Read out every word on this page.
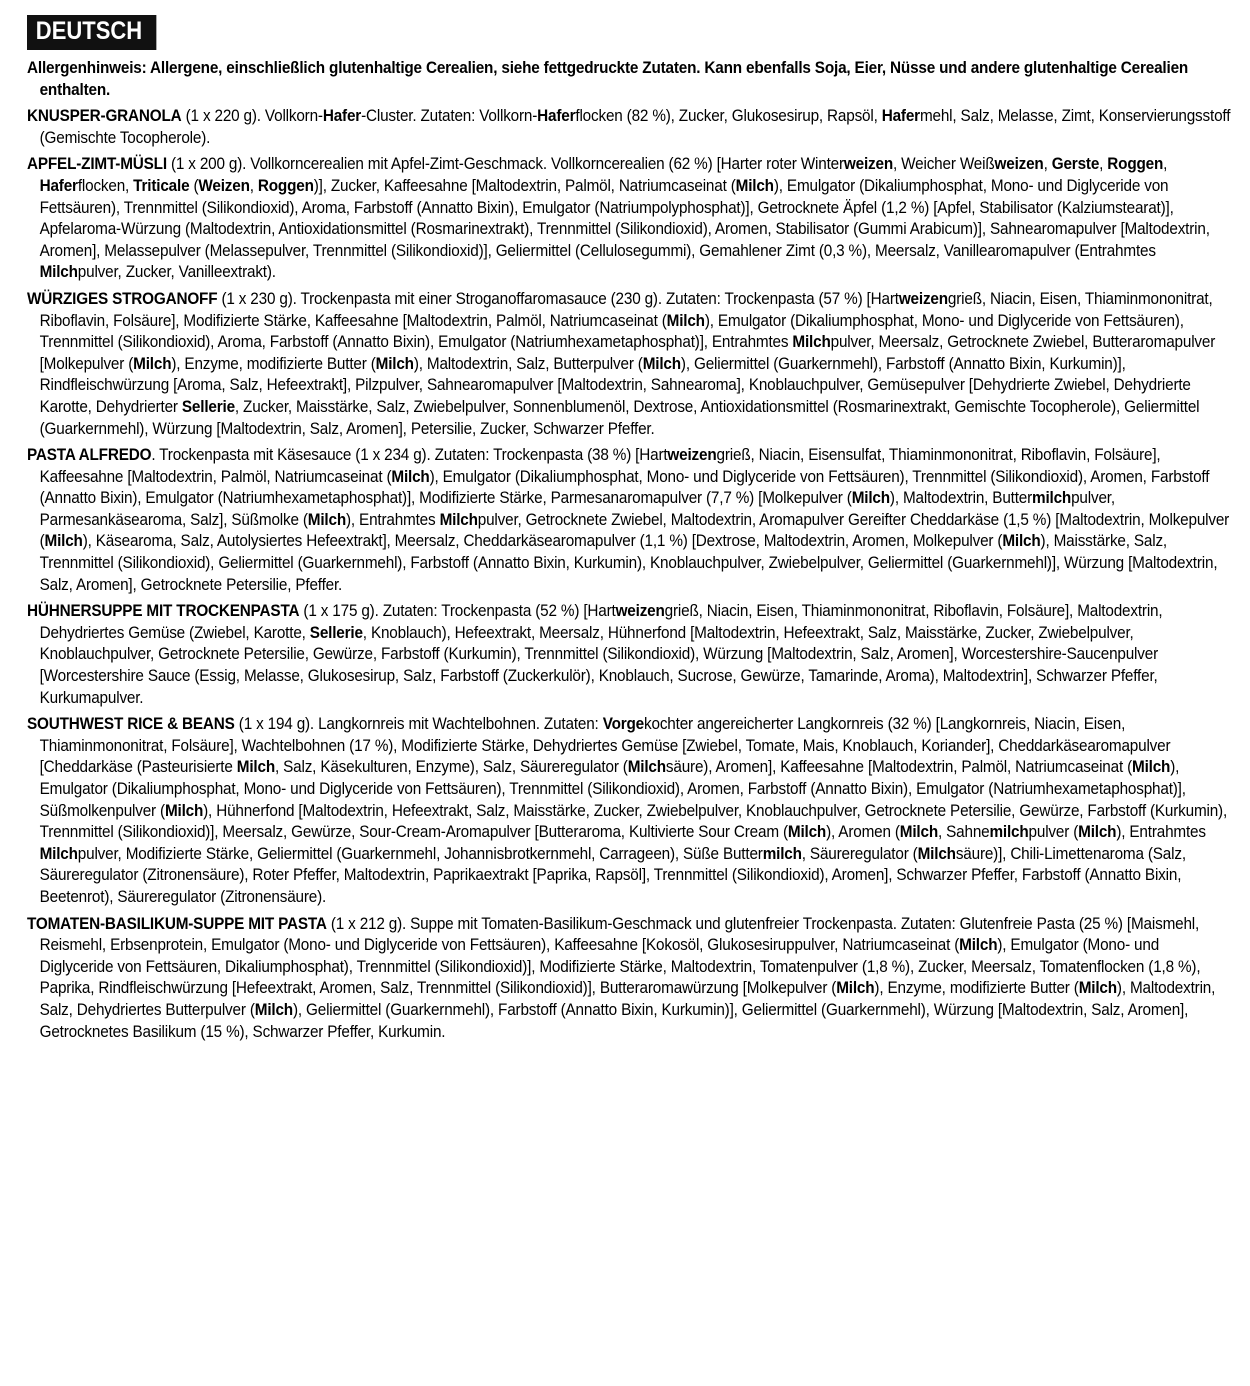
DEUTSCH

Allergenhinweis: Allergene, einschließlich glutenhaltige Cerealien, siehe fettgedruckte Zutaten. Kann ebenfalls Soja, Eier, Nüsse und andere glutenhaltige Cerealien enthalten.

KNUSPER-GRANOLA (1 x 220 g). Vollkorn-Hafer-Cluster. Zutaten: Vollkorn-Haferflocken (82 %), Zucker, Glukosesirup, Rapsöl, Hafermehl, Salz, Melasse, Zimt, Konservierungsstoff (Gemischte Tocopherole).

APFEL-ZIMT-MÜSLI (1 x 200 g). Vollkorncerealien mit Apfel-Zimt-Geschmack. Vollkorncerealien (62 %) [Harter roter Winterweizen, Weicher Weißweizen, Gerste, Roggen, Haferflocken, Triticale (Weizen, Roggen)], Zucker, Kaffeesahne [Maltodextrin, Palmöl, Natriumcaseinat (Milch), Emulgator (Dikaliumphosphat, Mono- und Diglyceride von Fettsäuren), Trennmittel (Silikondioxid), Aroma, Farbstoff (Annatto Bixin), Emulgator (Natriumpolyphosphat)], Getrocknete Äpfel (1,2 %) [Apfel, Stabilisator (Kalziumstearat)], Apfelaroma-Würzung (Maltodextrin, Antioxidationsmittel (Rosmarinextrakt), Trennmittel (Silikondioxid), Aromen, Stabilisator (Gummi Arabicum)], Sahnearomapulver [Maltodextrin, Aromen], Melassepulver (Melassepulver, Trennmittel (Silikondioxid)], Geliermittel (Cellulosegummi), Gemahlener Zimt (0,3 %), Meersalz, Vanillearomapulver (Entrahmtes Milchpulver, Zucker, Vanilleextrakt).

WÜRZIGES STROGANOFF (1 x 230 g). Trockenpasta mit einer Stroganoffaromasauce (230 g). Zutaten: Trockenpasta (57 %) [Hartweizengrieß, Niacin, Eisen, Thiaminmononitrat, Riboflavin, Folsäure], Modifizierte Stärke, Kaffeesahne [Maltodextrin, Palmöl, Natriumcaseinat (Milch), Emulgator (Dikaliumphosphat, Mono- und Diglyceride von Fettsäuren), Trennmittel (Silikondioxid), Aroma, Farbstoff (Annatto Bixin), Emulgator (Natriumhexametaphosphat)], Entrahmtes Milchpulver, Meersalz, Getrocknete Zwiebel, Butteraromapulver [Molkepulver (Milch), Enzyme, modifizierte Butter (Milch), Maltodextrin, Salz, Butterpulver (Milch), Geliermittel (Guarkernmehl), Farbstoff (Annatto Bixin, Kurkumin)], Rindfleischwürzung [Aroma, Salz, Hefeextrakt], Pilzpulver, Sahnearomapulver [Maltodextrin, Sahnearoma], Knoblauchpulver, Gemüsepulver [Dehydrierte Zwiebel, Dehydrierte Karotte, Dehydrierter Sellerie, Zucker, Maisstärke, Salz, Zwiebelpulver, Sonnenblumenöl, Dextrose, Antioxidationsmittel (Rosmarinextrakt, Gemischte Tocopherole), Geliermittel (Guarkernmehl), Würzung [Maltodextrin, Salz, Aromen], Petersilie, Zucker, Schwarzer Pfeffer.

PASTA ALFREDO. Trockenpasta mit Käsesauce (1 x 234 g). Zutaten: Trockenpasta (38 %) [Hartweizengrieß, Niacin, Eisensulfat, Thiaminmononitrat, Riboflavin, Folsäure], Kaffeesahne [Maltodextrin, Palmöl, Natriumcaseinat (Milch), Emulgator (Dikaliumphosphat, Mono- und Diglyceride von Fettsäuren), Trennmittel (Silikondioxid), Aromen, Farbstoff (Annatto Bixin), Emulgator (Natriumhexametaphosphat)], Modifizierte Stärke, Parmesanaromapulver (7,7 %) [Molkepulver (Milch), Maltodextrin, Buttermilchpulver, Parmesankäsearoma, Salz], Süßmolke (Milch), Entrahmtes Milchpulver, Getrocknete Zwiebel, Maltodextrin, Aromapulver Gereifter Cheddarkäse (1,5 %) [Maltodextrin, Molkepulver (Milch), Käsearoma, Salz, Autolysiertes Hefeextrakt], Meersalz, Cheddarkäsearomapulver (1,1 %) [Dextrose, Maltodextrin, Aromen, Molkepulver (Milch), Maisstärke, Salz, Trennmittel (Silikondioxid), Geliermittel (Guarkernmehl), Farbstoff (Annatto Bixin, Kurkumin), Knoblauchpulver, Zwiebelpulver, Geliermittel (Guarkernmehl)], Würzung [Maltodextrin, Salz, Aromen], Getrocknete Petersilie, Pfeffer.

HÜHNERSUPPE MIT TROCKENPASTA (1 x 175 g). Zutaten: Trockenpasta (52 %) [Hartweizengrieß, Niacin, Eisen, Thiaminmononitrat, Riboflavin, Folsäure], Maltodextrin, Dehydriertes Gemüse (Zwiebel, Karotte, Sellerie, Knoblauch), Hefeextrakt, Meersalz, Hühnerfond [Maltodextrin, Hefeextrakt, Salz, Maisstärke, Zucker, Zwiebelpulver, Knoblauchpulver, Getrocknete Petersilie, Gewürze, Farbstoff (Kurkumin), Trennmittel (Silikondioxid), Würzung [Maltodextrin, Salz, Aromen], Worcestershire-Saucenpulver [Worcestershire Sauce (Essig, Melasse, Glukosesirup, Salz, Farbstoff (Zuckerkulör), Knoblauch, Sucrose, Gewürze, Tamarinde, Aroma), Maltodextrin], Schwarzer Pfeffer, Kurkumapulver.

SOUTHWEST RICE & BEANS (1 x 194 g). Langkornreis mit Wachtelbohnen. Zutaten: Vorgekochter angereicherter Langkornreis (32 %) [Langkornreis, Niacin, Eisen, Thiaminmononitrat, Folsäure], Wachtelbohnen (17 %), Modifizierte Stärke, Dehydriertes Gemüse [Zwiebel, Tomate, Mais, Knoblauch, Koriander], Cheddarkäsearomapulver [Cheddarkäse (Pasteurisierte Milch, Salz, Käsekulturen, Enzyme), Salz, Säureregulator (Milchsäure), Aromen], Kaffeesahne [Maltodextrin, Palmöl, Natriumcaseinat (Milch), Emulgator (Dikaliumphosphat, Mono- und Diglyceride von Fettsäuren), Trennmittel (Silikondioxid), Aromen, Farbstoff (Annatto Bixin), Emulgator (Natriumhexametaphosphat)], Süßmolkenpulver (Milch), Hühnerfond [Maltodextrin, Hefeextrakt, Salz, Maisstärke, Zucker, Zwiebelpulver, Knoblauchpulver, Getrocknete Petersilie, Gewürze, Farbstoff (Kurkumin), Trennmittel (Silikondioxid)], Meersalz, Gewürze, Sour-Cream-Aromapulver [Butteraroma, Kultivierte Sour Cream (Milch), Aromen (Milch, Sahnemilchpulver (Milch), Entrahmtes Milchpulver, Modifizierte Stärke, Geliermittel (Guarkernmehl, Johannisbrotkernmehl, Carrageen), Süße Buttermilch, Säureregulator (Milchsäure)], Chili-Limettenaroma (Salz, Säureregulator (Zitronensäure), Roter Pfeffer, Maltodextrin, Paprikaextrakt [Paprika, Rapsöl], Trennmittel (Silikondioxid), Aromen], Schwarzer Pfeffer, Farbstoff (Annatto Bixin, Beetenrot), Säureregulator (Zitronensäure).

TOMATEN-BASILIKUM-SUPPE MIT PASTA (1 x 212 g). Suppe mit Tomaten-Basilikum-Geschmack und glutenfreier Trockenpasta. Zutaten: Glutenfreie Pasta (25 %) [Maismehl, Reismehl, Erbsenprotein, Emulgator (Mono- und Diglyceride von Fettsäuren), Kaffeesahne [Kokosöl, Glukosesiruppulver, Natriumcaseinat (Milch), Emulgator (Mono- und Diglyceride von Fettsäuren, Dikaliumphosphat), Trennmittel (Silikondioxid)], Modifizierte Stärke, Maltodextrin, Tomatenpulver (1,8 %), Zucker, Meersalz, Tomatenflocken (1,8 %), Paprika, Rindfleischwürzung [Hefeextrakt, Aromen, Salz, Trennmittel (Silikondioxid)], Butteraromawürzung [Molkepulver (Milch), Enzyme, modifizierte Butter (Milch), Maltodextrin, Salz, Dehydriertes Butterpulver (Milch), Geliermittel (Guarkernmehl), Farbstoff (Annatto Bixin, Kurkumin)], Geliermittel (Guarkernmehl), Würzung [Maltodextrin, Salz, Aromen], Getrocknetes Basilikum (15 %), Schwarzer Pfeffer, Kurkumin.
